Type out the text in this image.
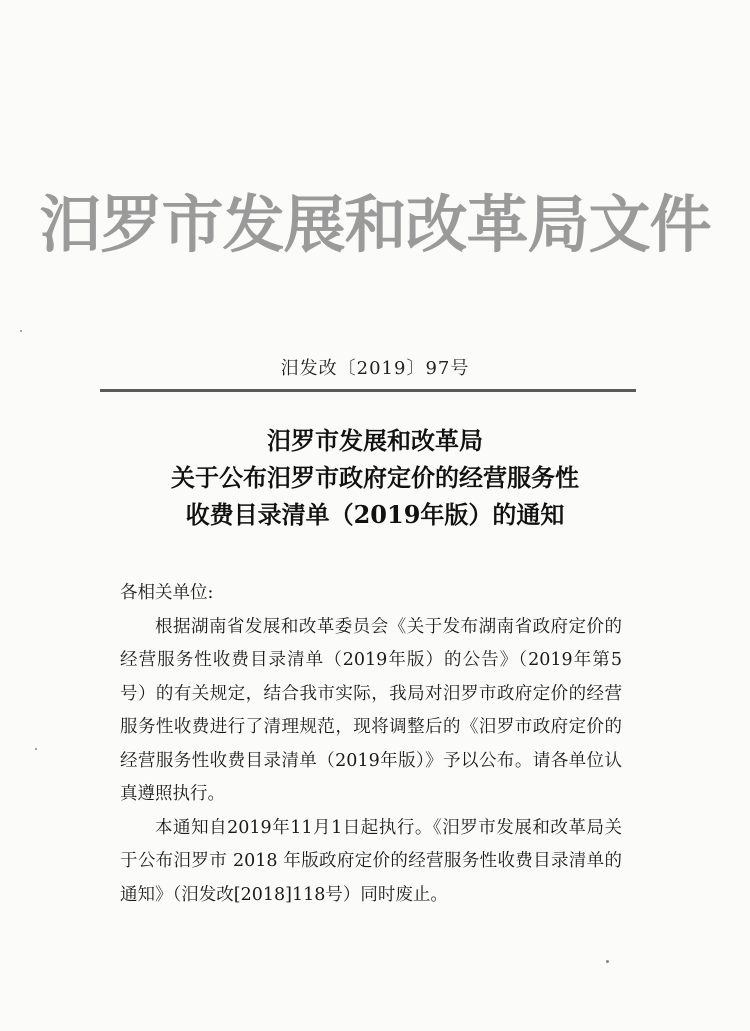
汨罗市发展和改革局文件
汨发改〔2019〕97号
汨罗市发展和改革局
关于公布汨罗市政府定价的经营服务性
收费目录清单（2019年版）的通知
各相关单位:

根据湖南省发展和改革委员会《关于发布湖南省政府定价的经营服务性收费目录清单（2019年版）的公告》（2019年第5号）的有关规定，结合我市实际，我局对汨罗市政府定价的经营服务性收费进行了清理规范，现将调整后的《汨罗市政府定价的经营服务性收费目录清单（2019年版）》予以公布。请各单位认真遵照执行。

本通知自2019年11月1日起执行。《汨罗市发展和改革局关于公布汨罗市 2018 年版政府定价的经营服务性收费目录清单的通知》（汨发改[2018]118号）同时废止。
